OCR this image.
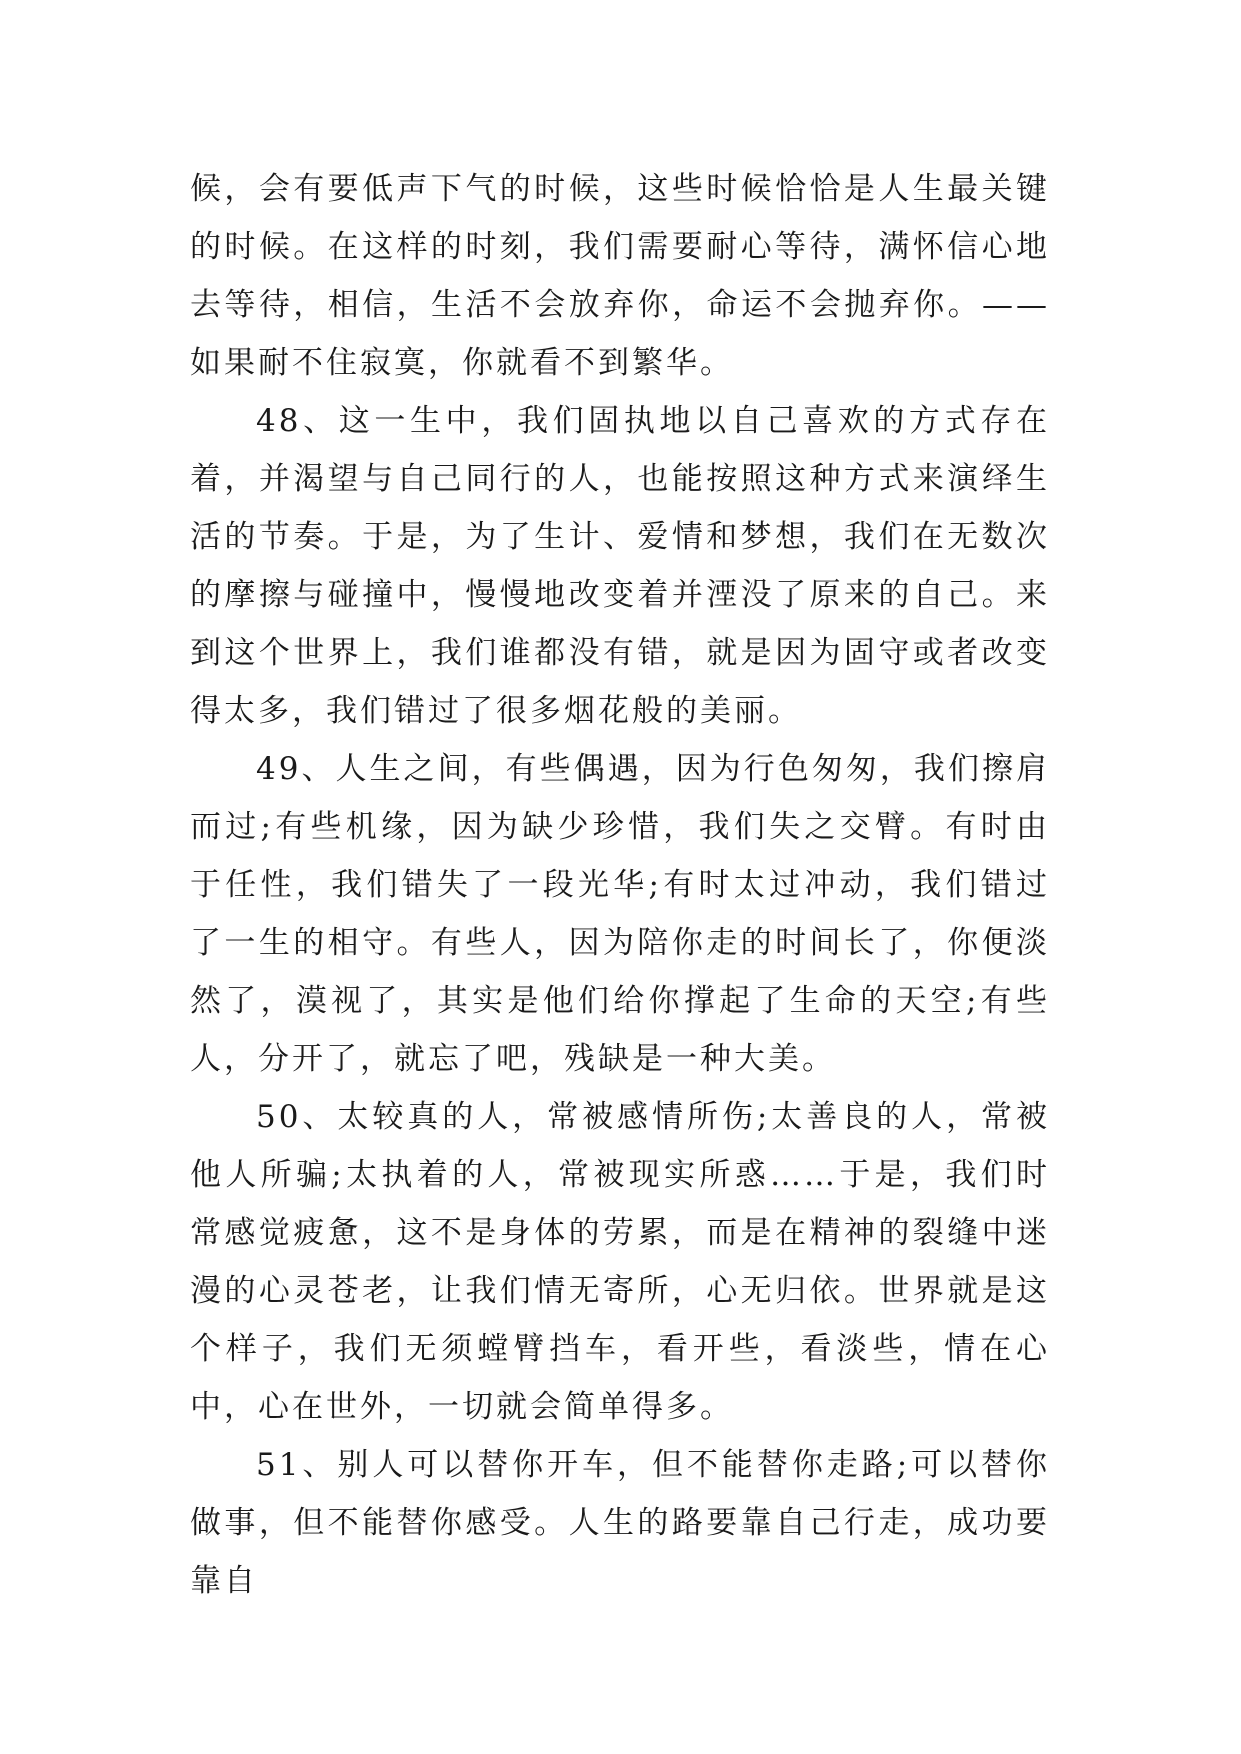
候，会有要低声下气的时候，这些时候恰恰是人生最关键的时候。在这样的时刻，我们需要耐心等待，满怀信心地去等待，相信，生活不会放弃你，命运不会抛弃你。——如果耐不住寂寞，你就看不到繁华。

48、这一生中，我们固执地以自己喜欢的方式存在着，并渴望与自己同行的人，也能按照这种方式来演绎生活的节奏。于是，为了生计、爱情和梦想，我们在无数次的摩擦与碰撞中，慢慢地改变着并湮没了原来的自己。来到这个世界上，我们谁都没有错，就是因为固守或者改变得太多，我们错过了很多烟花般的美丽。

49、人生之间，有些偶遇，因为行色匆匆，我们擦肩而过;有些机缘，因为缺少珍惜，我们失之交臂。有时由于任性，我们错失了一段光华;有时太过冲动，我们错过了一生的相守。有些人，因为陪你走的时间长了，你便淡然了，漠视了，其实是他们给你撑起了生命的天空;有些人，分开了，就忘了吧，残缺是一种大美。

50、太较真的人，常被感情所伤;太善良的人，常被他人所骗;太执着的人，常被现实所惑……于是，我们时常感觉疲惫，这不是身体的劳累，而是在精神的裂缝中迷漫的心灵苍老，让我们情无寄所，心无归依。世界就是这个样子，我们无须螳臂挡车，看开些，看淡些，情在心中，心在世外，一切就会简单得多。

51、别人可以替你开车，但不能替你走路;可以替你做事，但不能替你感受。人生的路要靠自己行走，成功要靠自
